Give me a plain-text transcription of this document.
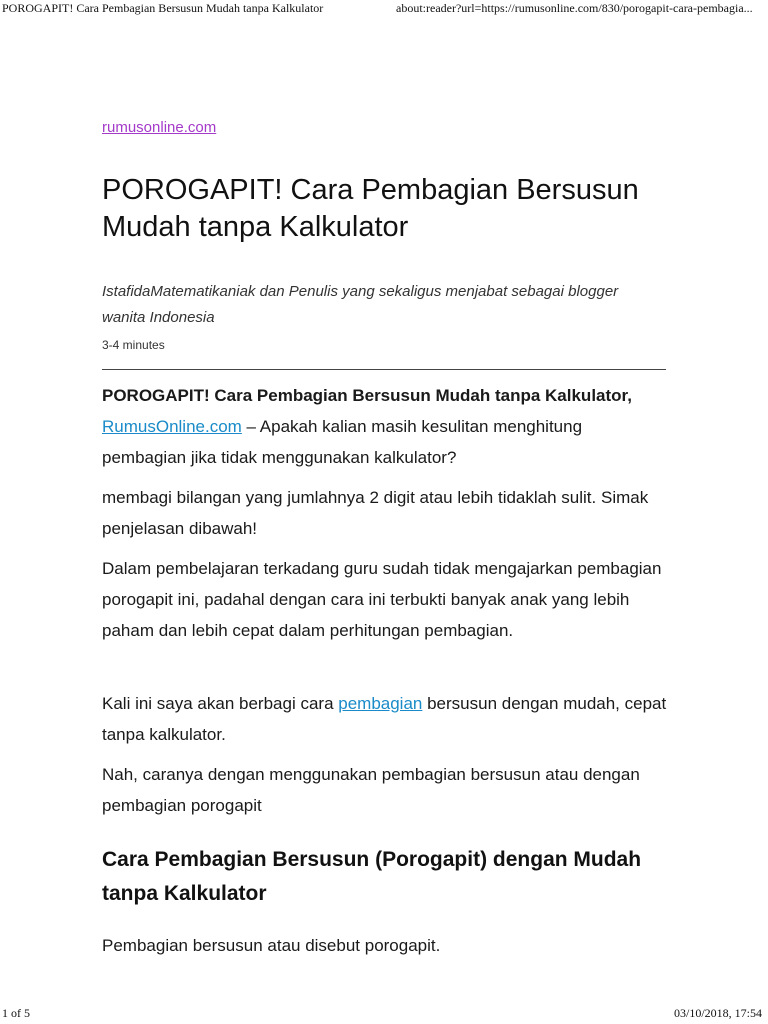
POROGAPIT! Cara Pembagian Bersusun Mudah tanpa Kalkulator	about:reader?url=https://rumusonline.com/830/porogapit-cara-pembagia...
rumusonline.com
POROGAPIT! Cara Pembagian Bersusun Mudah tanpa Kalkulator
IstafidaMatematikaniak dan Penulis yang sekaligus menjabat sebagai blogger wanita Indonesia
3-4 minutes

POROGAPIT! Cara Pembagian Bersusun Mudah tanpa Kalkulator, RumusOnline.com – Apakah kalian masih kesulitan menghitung pembagian jika tidak menggunakan kalkulator?

membagi bilangan yang jumlahnya 2 digit atau lebih tidaklah sulit. Simak penjelasan dibawah!

Dalam pembelajaran terkadang guru sudah tidak mengajarkan pembagian porogapit ini, padahal dengan cara ini terbukti banyak anak yang lebih paham dan lebih cepat dalam perhitungan pembagian.

Kali ini saya akan berbagi cara pembagian bersusun dengan mudah, cepat tanpa kalkulator.

Nah, caranya dengan menggunakan pembagian bersusun atau dengan pembagian porogapit

Cara Pembagian Bersusun (Porogapit) dengan Mudah tanpa Kalkulator

Pembagian bersusun atau disebut porogapit.

1 of 5	03/10/2018, 17:54
